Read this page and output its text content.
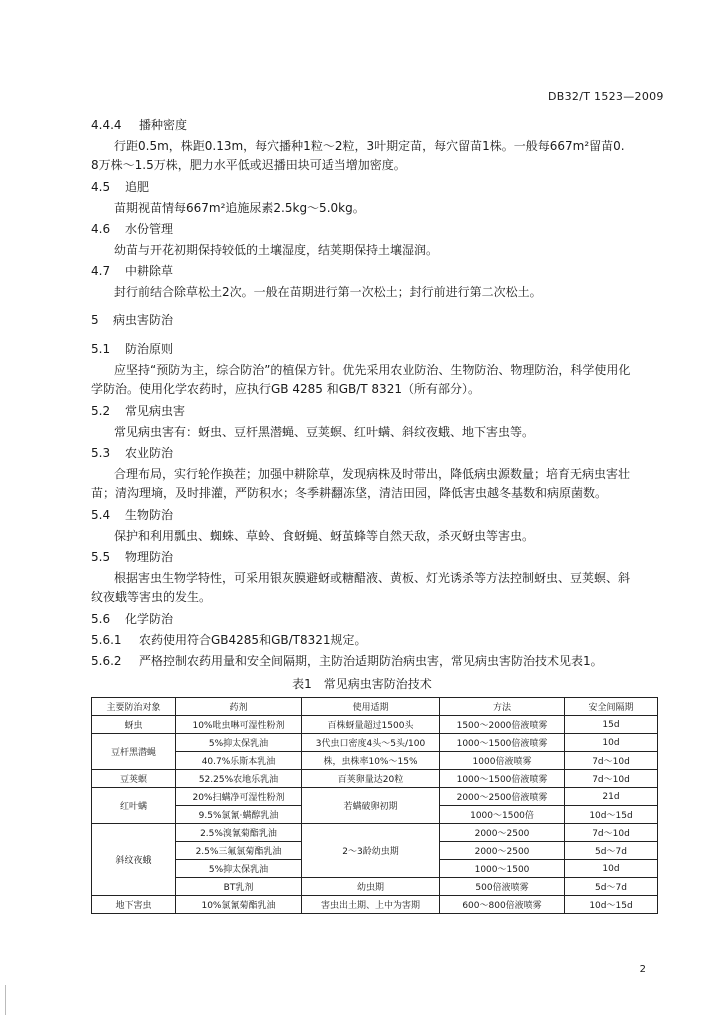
DB32/T 1523—2009
4.4.4 播种密度
行距0.5m，株距0.13m，每穴播种1粒～2粒，3叶期定苗，每穴留苗1株。一般每667m²留苗0.
8万株～1.5万株，肥力水平低或迟播田块可适当增加密度。
4.5 追肥
苗期视苗情每667m²追施尿素2.5kg～5.0kg。
4.6 水份管理
幼苗与开花初期保持较低的土壤湿度，结荚期保持土壤湿润。
4.7 中耕除草
封行前结合除草松土2次。一般在苗期进行第一次松土；封行前进行第二次松土。
5 病虫害防治
5.1 防治原则
应坚持“预防为主，综合防治”的植保方针。优先采用农业防治、生物防治、物理防治，科学使用化
学防治。使用化学农药时，应执行GB 4285 和GB/T 8321（所有部分）。
5.2 常见病虫害
常见病虫害有：蚜虫、豆杆黑潜蝇、豆荚螟、红叶螨、斜纹夜蛾、地下害虫等。
5.3 农业防治
合理布局，实行轮作换茬；加强中耕除草，发现病株及时带出，降低病虫源数量；培育无病虫害壮
苗；清沟理墒，及时排灌，严防积水；冬季耕翻冻垡，清洁田园，降低害虫越冬基数和病原菌数。
5.4 生物防治
保护和利用瓢虫、蜘蛛、草蛉、食蚜蝇、蚜茧蜂等自然天敌，杀灭蚜虫等害虫。
5.5 物理防治
根据害虫生物学特性，可采用银灰膜避蚜或糖醋液、黄板、灯光诱杀等方法控制蚜虫、豆荚螟、斜
纹夜蛾等害虫的发生。
5.6 化学防治
5.6.1 农药使用符合GB4285和GB/T8321规定。
5.6.2 严格控制农药用量和安全间隔期，主防治适期防治病虫害，常见病虫害防治技术见表1。
表1　常见病虫害防治技术
主要防治对象	药剂	使用适期	方法	安全间隔期
蚜虫	10%吡虫啉可湿性粉剂	百株蚜量超过1500头	1500～2000倍液喷雾	15d
豆杆黑潜蝇	5%抑太保乳油	3代虫口密度4头～5头/100	1000～1500倍液喷雾	10d
	40.7%乐斯本乳油	株，虫株率10%～15%	1000倍液喷雾	7d～10d
豆荚螟	52.25%农地乐乳油	百荚卵量达20粒	1000～1500倍液喷雾	7d～10d
红叶螨	20%扫螨净可湿性粉剂	若螨破卵初期	2000～2500倍液喷雾	21d
	9.5%氯氰·螨醇乳油		1000～1500倍	10d～15d
斜纹夜蛾	2.5%溴氰菊酯乳油	2～3龄幼虫期	2000～2500	7d～10d
	2.5%三氟氯菊酯乳油		2000～2500	5d～7d
	5%抑太保乳油		1000～1500	10d
	BT乳剂	幼虫期	500倍液喷雾	5d～7d
地下害虫	10%氯氰菊酯乳油	害虫出土期、上中为害期	600～800倍液喷雾	10d～15d
2
